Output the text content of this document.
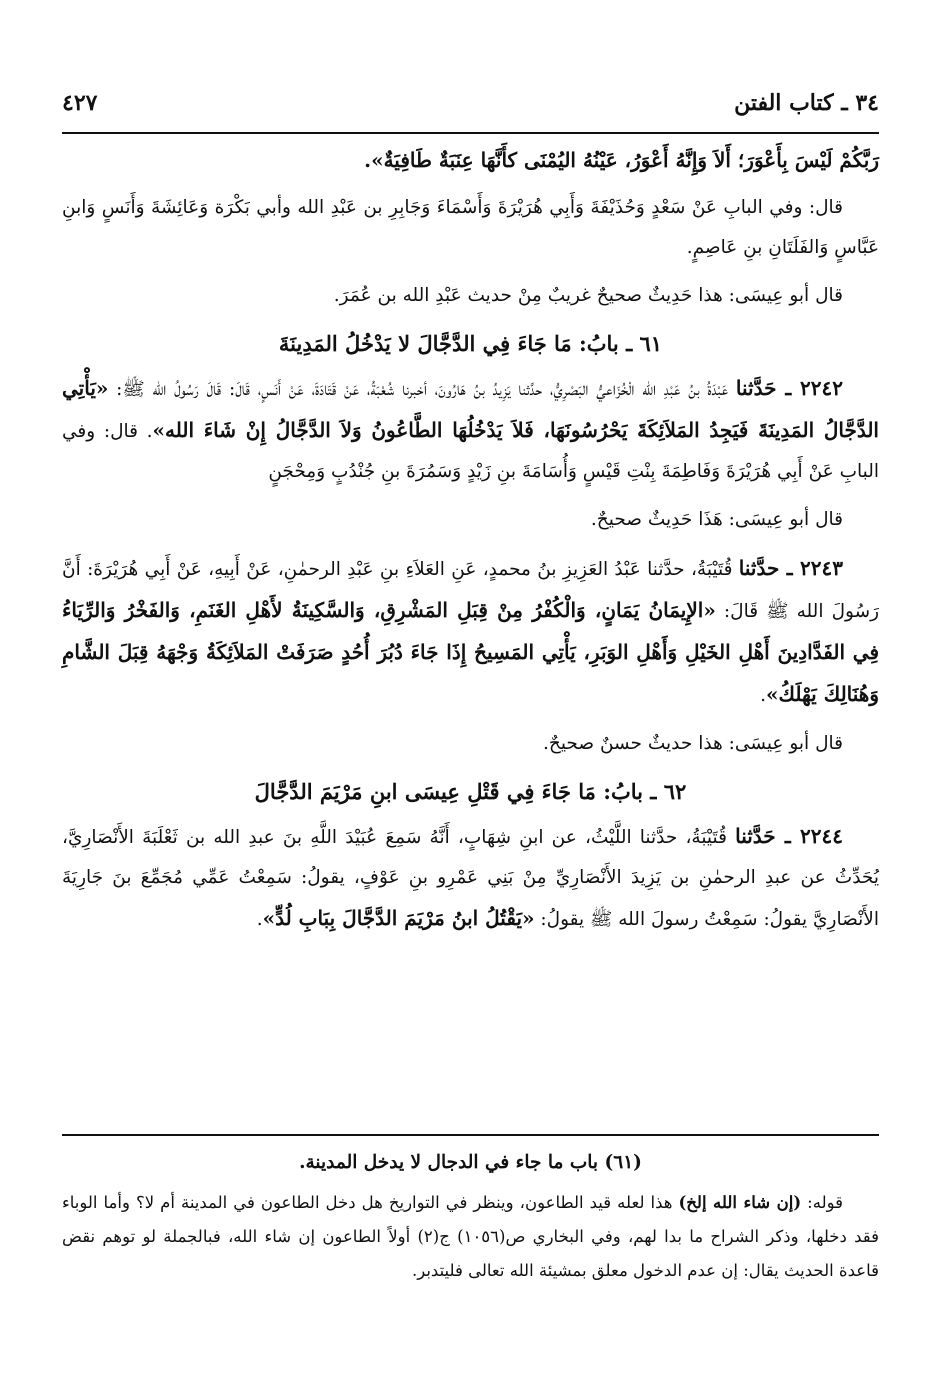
٣٤ ـ كتاب الفتن
٤٢٧

رَبَّكُمْ لَيْسَ بِأَعْوَرَ؛ أَلاَ وَإِنَّهُ أَعْوَرُ، عَيْنُهُ اليُمْنَى كأَنَّهَا عِنَبَةٌ طَافِيَةٌ».

قال: وفي البابِ عَنْ سَعْدٍ وَحُذَيْفَةَ وَأَبِي هُرَيْرَةَ وَأَسْمَاءَ وَجَابِرِ بن عَبْدِ الله وأبي بَكْرَة وَعَائِشَةَ وَأَنَسٍ وَابنِ عَبَّاسٍ وَالفَلَتَانِ بنِ عَاصِمٍ.

قال أبو عِيسَى: هذا حَدِيثٌ صحيحٌ غريبٌ مِنْ حديث عَبْدِ الله بن عُمَرَ.

٦١ ـ بابُ: مَا جَاءَ فِي الدَّجَّالَ لا يَدْخُلُ المَدِينَةَ

٢٢٤٢ ـ حَدَّثنا عَبْدَةُ بنُ عَبْدِ الله الْخُزَاعيُّ البَصْرِيُّ، حدَّثنا يَزِيدُ بنُ هَارُونَ، أخبرنا شُعْبَةُ، عَنْ قَتَادَةَ، عَنْ أَنَسٍ، قَالَ: قَالَ رَسُولُ الله ﷺ: «يَأْتِي الدَّجَّالُ المَدِينَةَ فَيَجِدُ المَلاَئِكَةَ يَحْرُسُونَهَا، فَلاَ يَدْخُلُهَا الطَّاعُونُ وَلاَ الدَّجَّالُ إِنْ شَاءَ الله». قال: وفي البابِ عَنْ أَبِي هُرَيْرَةَ وَفَاطِمَةَ بِنْتِ قَيْسٍ وَأُسَامَةَ بنِ زَيْدٍ وَسَمُرَةَ بنِ جُنْدُبٍ وَمِحْجَنٍ

قال أبو عِيسَى: هَذَا حَدِيثٌ صحيحٌ.

٢٢٤٣ ـ حدَّثنا قُتَيْبَةُ، حدَّثنا عَبْدُ العَزِيزِ بنُ محمدٍ، عَنِ العَلاَءِ بنِ عَبْدِ الرحمٰنِ، عَنْ أَبِيهِ، عَنْ أَبِي هُرَيْرَةَ: أَنَّ رَسُولَ الله ﷺ قَالَ: «الإِيمَانُ يَمَانٍ، وَالْكُفْرُ مِنْ قِبَلِ المَشْرِقِ، وَالسَّكِينَةُ لأَهْلِ الغَنَمِ، وَالفَخْرُ وَالرِّيَاءُ فِي الفَدَّادِينَ أَهْلِ الخَيْلِ وَأَهْلِ الوَبَرِ، يَأْتِي المَسِيحُ إِذَا جَاءَ دُبُرَ أُحُدٍ صَرَفَتْ المَلاَئِكَةُ وَجْهَهُ قِبَلَ الشَّامِ وَهُنَالِكَ يَهْلَكُ».

قال أبو عِيسَى: هذا حديثٌ حسنٌ صحيحٌ.

٦٢ ـ بابُ: مَا جَاءَ فِي قَتْلِ عِيسَى ابنِ مَرْيَمَ الدَّجَّالَ

٢٢٤٤ ـ حَدَّثنا قُتَيْبَةُ، حدَّثنا اللَّيْثُ، عن ابنِ شِهَابٍ، أَنَّهُ سَمِعَ عُبَيْدَ اللَّهِ بنَ عبدِ الله بن ثَعْلَبَةَ الأَنْصَارِيَّ، يُحَدِّثُ عن عبدِ الرحمٰنِ بن يَزِيدَ الأَنْصَارِيِّ مِنْ بَنِي عَمْرِو بنِ عَوْفٍ، يقولُ: سَمِعْتُ عَمِّي مُجَمِّعَ بنَ جَارِيَةَ الأَنْصَارِيَّ يقولُ: سَمِعْتُ رسولَ الله ﷺ يقولُ: «يَقْتُلُ ابنُ مَرْيَمَ الدَّجَّالَ بِبَابِ لُدٍّ».

(٦١) باب ما جاء في الدجال لا يدخل المدينة.

قوله: (إن شاء الله إلخ) هذا لعله قيد الطاعون، وينظر في التواريخ هل دخل الطاعون في المدينة أم لا؟ وأما الوباء فقد دخلها، وذكر الشراح ما بدا لهم، وفي البخاري ص(١٠٥٦) ج(٢) أولاً الطاعون إن شاء الله، فبالجملة لو توهم نقض قاعدة الحديث يقال: إن عدم الدخول معلق بمشيئة الله تعالى فليتدبر.
